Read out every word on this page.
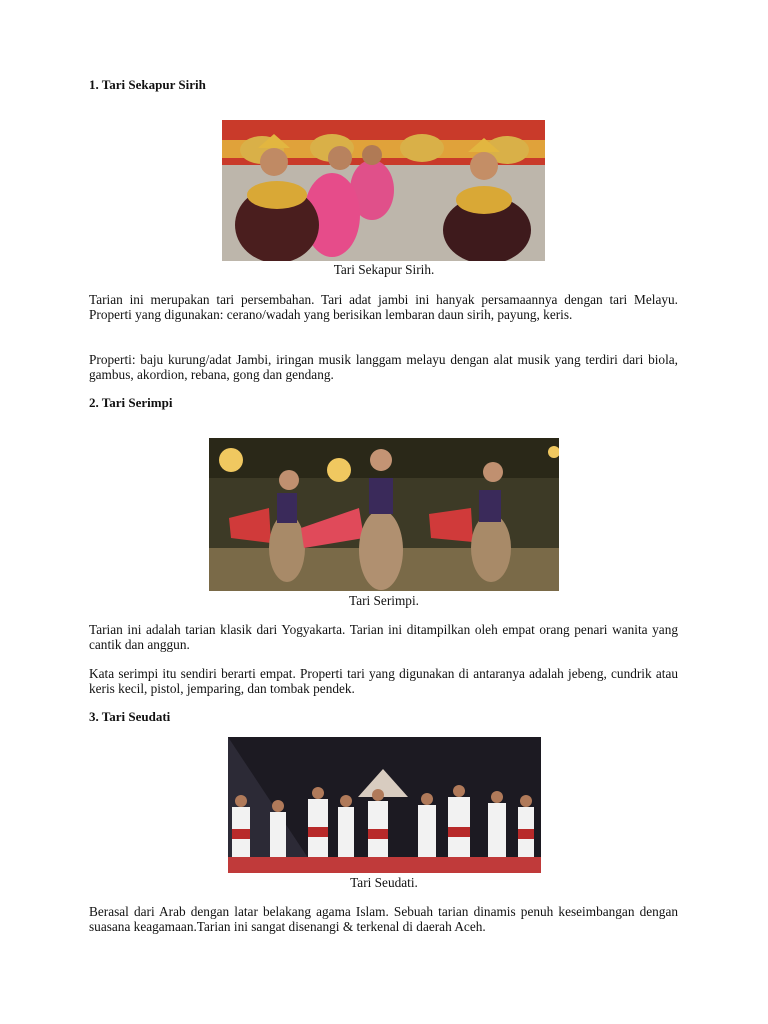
1. Tari Sekapur Sirih
Tari Sekapur Sirih.

Tarian ini merupakan tari persembahan. Tari adat jambi ini hanyak persamaannya dengan tari Melayu. Properti yang digunakan: cerano/wadah yang berisikan lembaran daun sirih, payung, keris.

Properti: baju kurung/adat Jambi, iringan musik langgam melayu dengan alat musik yang terdiri dari biola, gambus, akordion, rebana, gong dan gendang.

2. Tari Serimpi
Tari Serimpi.

Tarian ini adalah tarian klasik dari Yogyakarta. Tarian ini ditampilkan oleh empat orang penari wanita yang cantik dan anggun.

Kata serimpi itu sendiri berarti empat. Properti tari yang digunakan di antaranya adalah jebeng, cundrik atau keris kecil, pistol, jemparing, dan tombak pendek.

3. Tari Seudati
Tari Seudati.

Berasal dari Arab dengan latar belakang agama Islam. Sebuah tarian dinamis penuh keseimbangan dengan suasana keagamaan.Tarian ini sangat disenangi & terkenal di daerah Aceh.
